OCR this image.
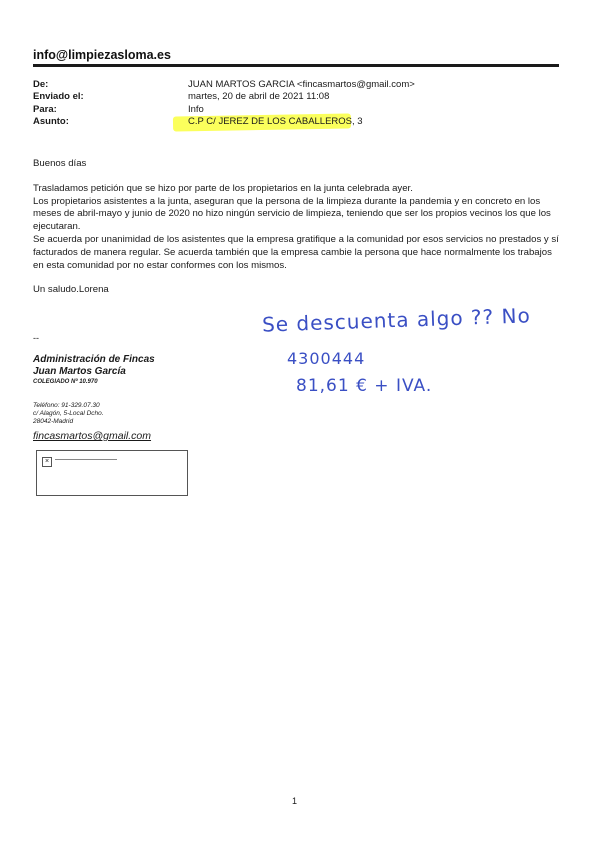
info@limpiezasloma.es
De:	JUAN MARTOS GARCIA <fincasmartos@gmail.com>
Enviado el:	martes, 20 de abril de 2021 11:08
Para:	Info
Asunto:	C.P C/ JEREZ DE LOS CABALLEROS, 3

Buenos días

Trasladamos petición que se hizo por parte de los propietarios en la junta celebrada ayer.

Los propietarios asistentes a la junta, aseguran que la persona de la limpieza durante la pandemia y en concreto en los meses de abril-mayo y junio de 2020 no hizo ningún servicio de limpieza, teniendo que ser los propios vecinos los que los ejecutaran.

Se acuerda por unanimidad de los asistentes que la empresa gratifique a la comunidad por esos servicios no prestados y sí facturados de manera regular. Se acuerda también que la empresa cambie la persona que hace normalmente los trabajos en esta comunidad por no estar conformes con los mismos.

Un saludo.Lorena

--
Administración de Fincas
Juan Martos García
COLEGIADO Nº 10.970
Teléfono: 91-329.07.30
c/ Alagón, 5-Local Dcho.
28042-Madrid
fincasmartos@gmail.com
×
Se descuenta algo ?? No
4300444
81,61 € + IVA.
1
